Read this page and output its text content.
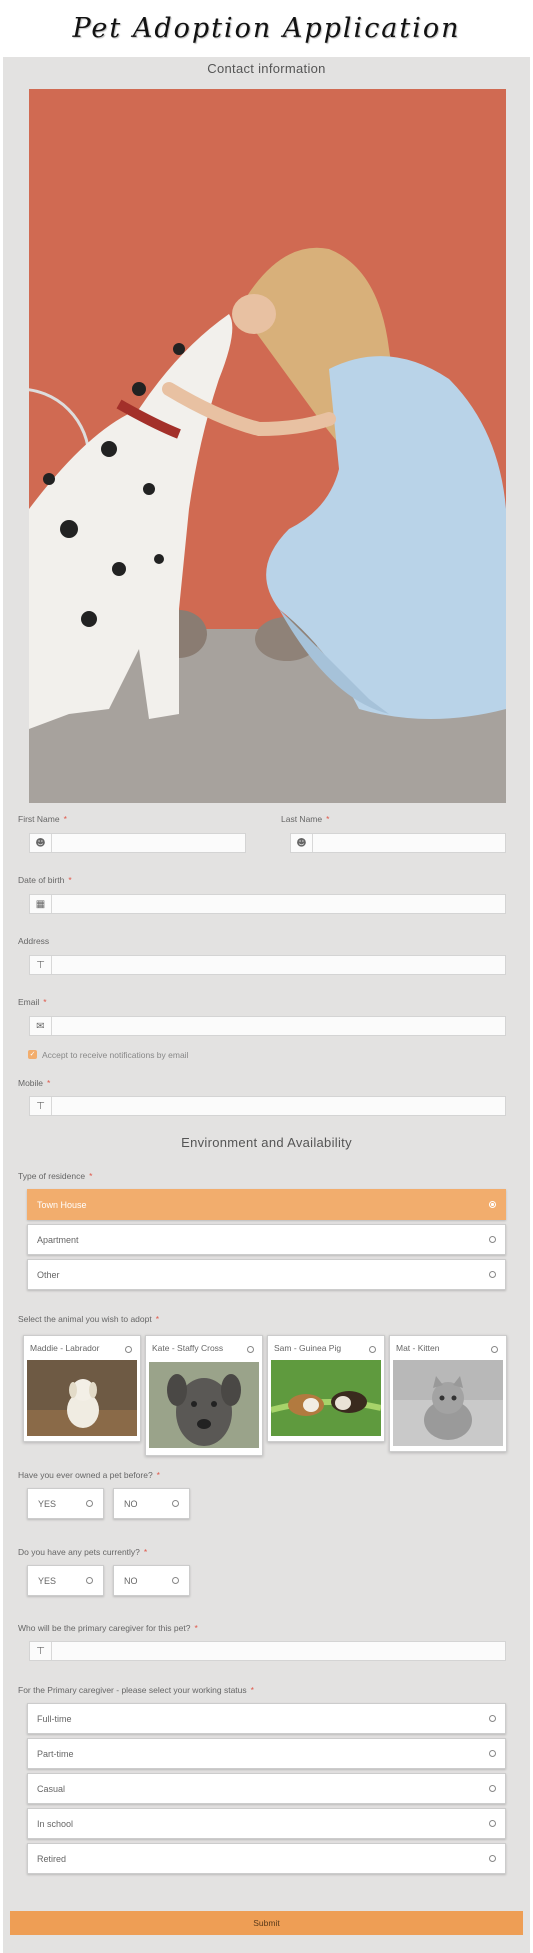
Pet Adoption Application
Contact information
First Name *
☻
Last Name *
☻
Date of birth *
▦
Address
⊤
Email *
✉
✓ Accept to receive notifications by email
Mobile *
⊤
Environment and Availability
Type of residence *
Town House
Apartment
Other
Select the animal you wish to adopt *
Maddie - Labrador	Kate - Staffy Cross	Sam - Guinea Pig	Mat - Kitten
Have you ever owned a pet before? *
YES	NO
Do you have any pets currently? *
YES	NO
Who will be the primary caregiver for this pet? *
⊤
For the Primary caregiver - please select your working status *
Full-time
Part-time
Casual
In school
Retired
Submit
